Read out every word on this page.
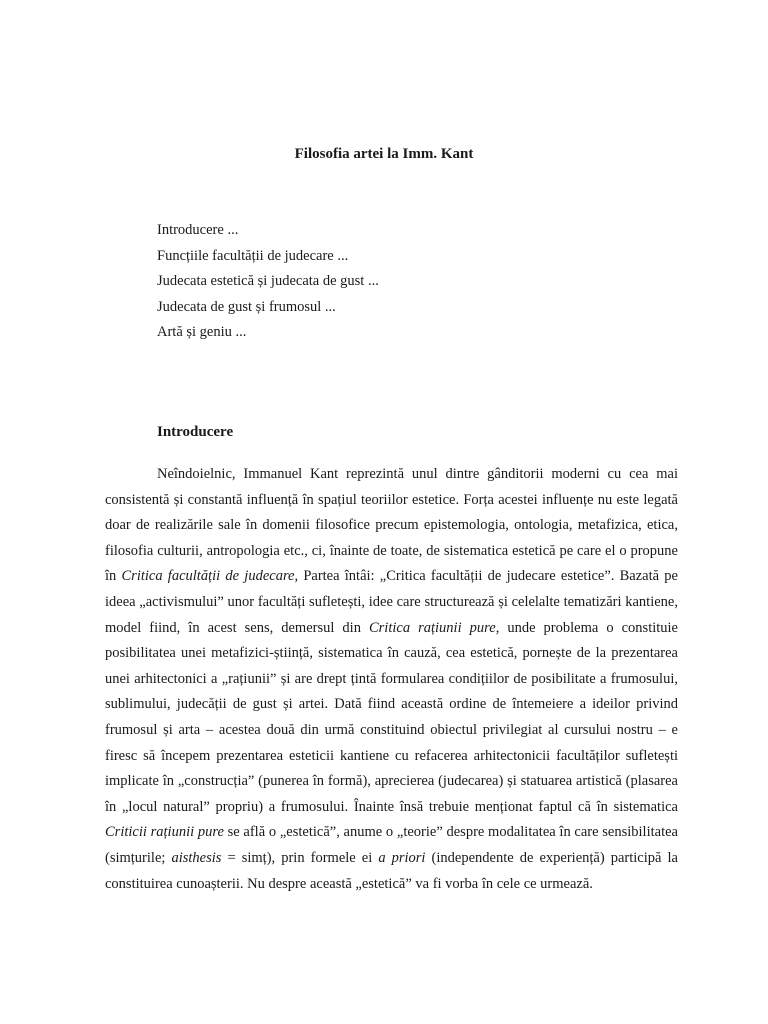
Filosofia artei la Imm. Kant
Introducere ...
Funcțiile facultății de judecare ...
Judecata estetică și judecata de gust ...
Judecata de gust și frumosul ...
Artă și geniu ...
Introducere

Neîndoielnic, Immanuel Kant reprezintă unul dintre gânditorii moderni cu cea mai consistentă și constantă influență în spațiul teoriilor estetice. Forța acestei influențe nu este legată doar de realizările sale în domenii filosofice precum epistemologia, ontologia, metafizica, etica, filosofia culturii, antropologia etc., ci, înainte de toate, de sistematica estetică pe care el o propune în Critica facultății de judecare, Partea întâi: „Critica facultății de judecare estetice”. Bazată pe ideea „activismului” unor facultăți sufletești, idee care structurează și celelalte tematizări kantiene, model fiind, în acest sens, demersul din Critica rațiunii pure, unde problema o constituie posibilitatea unei metafizici-știință, sistematica în cauză, cea estetică, pornește de la prezentarea unei arhitectonici a „rațiunii” și are drept țintă formularea condițiilor de posibilitate a frumosului, sublimului, judecății de gust și artei. Dată fiind această ordine de întemeiere a ideilor privind frumosul și arta – acestea două din urmă constituind obiectul privilegiat al cursului nostru – e firesc să începem prezentarea esteticii kantiene cu refacerea arhitectonicii facultăților sufletești implicate în „construcția” (punerea în formă), aprecierea (judecarea) și statuarea artistică (plasarea în „locul natural” propriu) a frumosului. Înainte însă trebuie menționat faptul că în sistematica Criticii rațiunii pure se află o „estetică”, anume o „teorie” despre modalitatea în care sensibilitatea (simțurile; aisthesis = simț), prin formele ei a priori (independente de experiență) participă la constituirea cunoașterii. Nu despre această „estetică” va fi vorba în cele ce urmează.
